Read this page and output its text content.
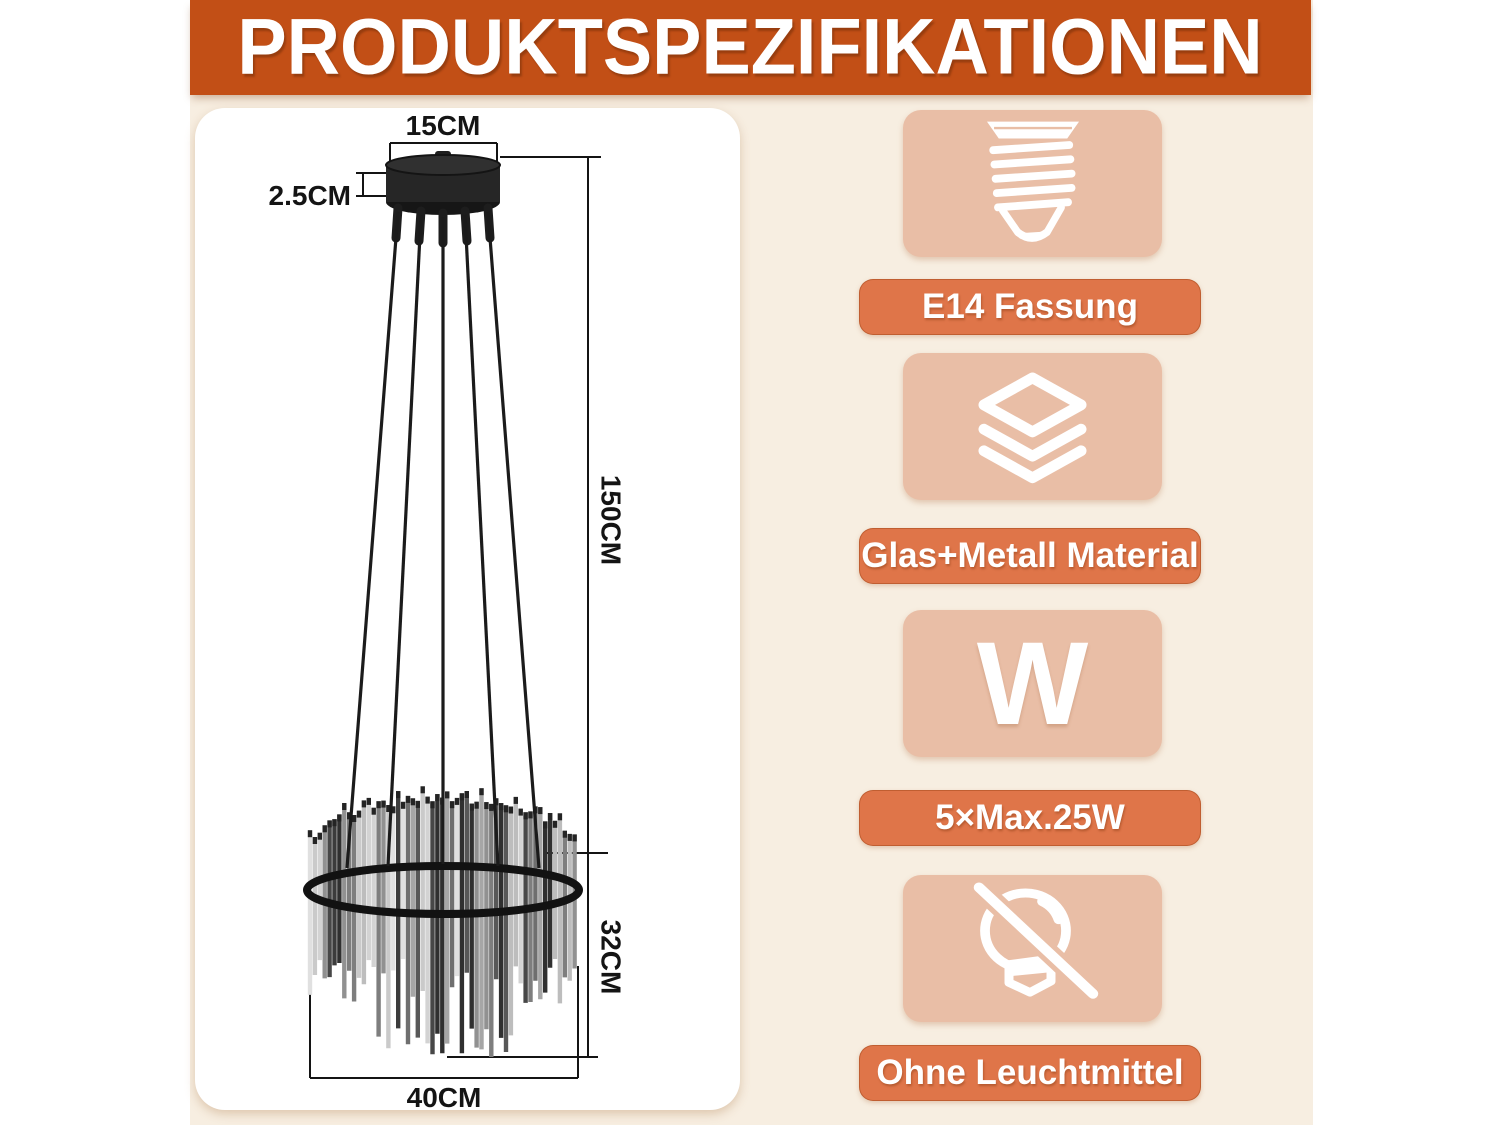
PRODUKTSPEZIFIKATIONEN
15CM
2.5CM
150CM
32CM
40CM
E14 Fassung
Glas+Metall Material
W
5×Max.25W
Ohne Leuchtmittel
